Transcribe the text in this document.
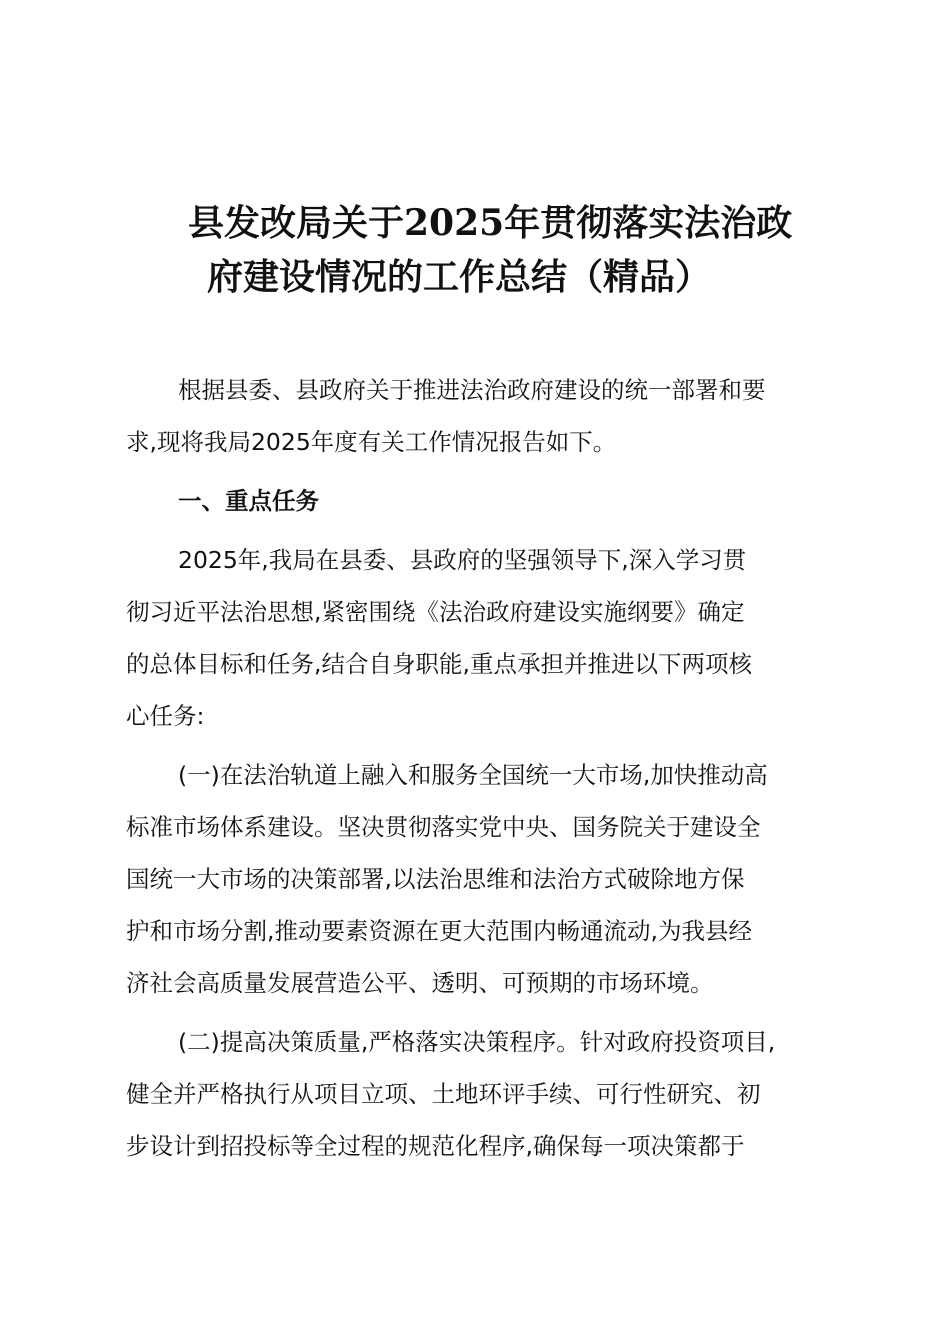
县发改局关于2025年贯彻落实法治政
府建设情况的工作总结（精品）

根据县委、县政府关于推进法治政府建设的统一部署和要
求,现将我局2025年度有关工作情况报告如下。

一、重点任务

2025年,我局在县委、县政府的坚强领导下,深入学习贯
彻习近平法治思想,紧密围绕《法治政府建设实施纲要》确定
的总体目标和任务,结合自身职能,重点承担并推进以下两项核
心任务:

(一)在法治轨道上融入和服务全国统一大市场,加快推动高
标准市场体系建设。坚决贯彻落实党中央、国务院关于建设全
国统一大市场的决策部署,以法治思维和法治方式破除地方保
护和市场分割,推动要素资源在更大范围内畅通流动,为我县经
济社会高质量发展营造公平、透明、可预期的市场环境。

(二)提高决策质量,严格落实决策程序。针对政府投资项目,
健全并严格执行从项目立项、土地环评手续、可行性研究、初
步设计到招投标等全过程的规范化程序,确保每一项决策都于
